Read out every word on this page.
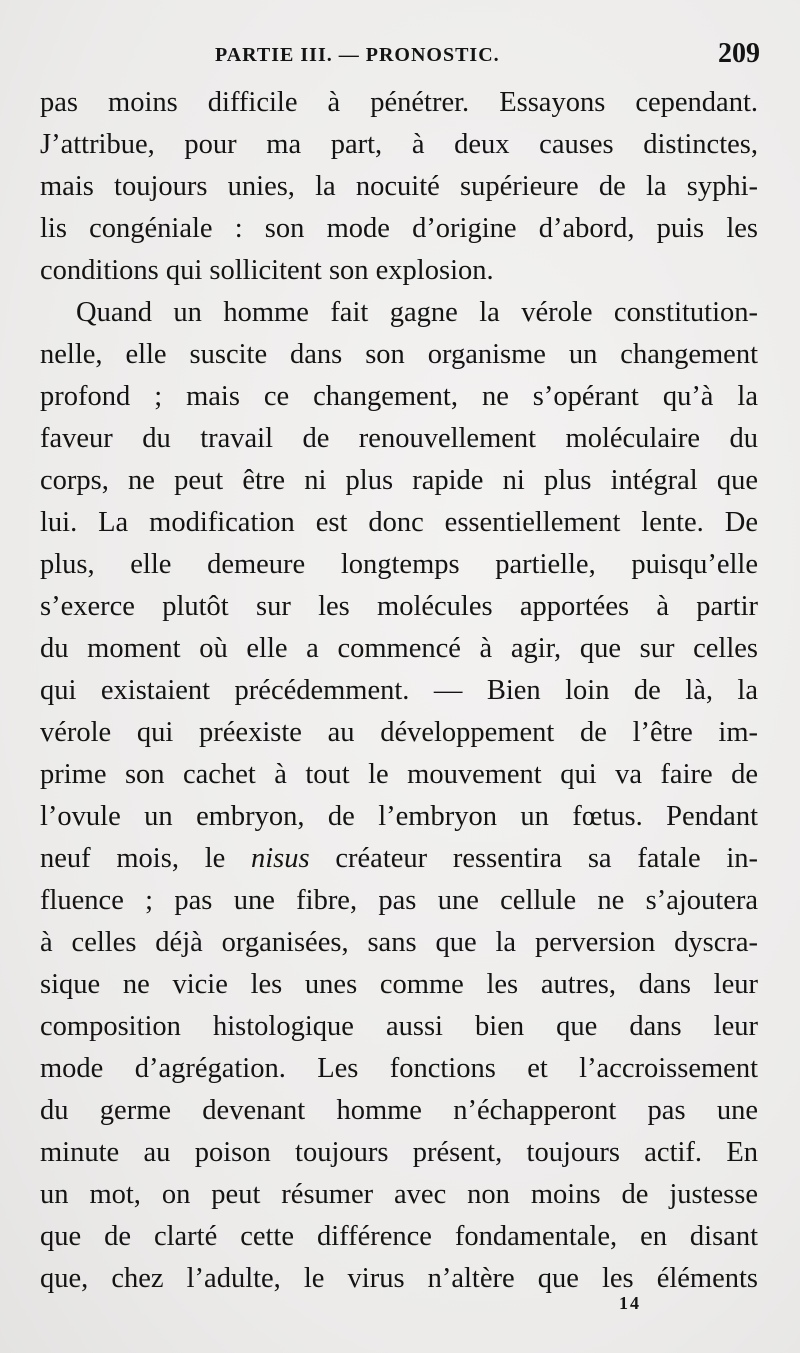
PARTIE III. — PRONOSTIC.	209
pas moins difficile à pénétrer. Essayons cependant.
J’attribue, pour ma part, à deux causes distinctes,
mais toujours unies, la nocuité supérieure de la syphi-
lis congéniale : son mode d’origine d’abord, puis les
conditions qui sollicitent son explosion.
Quand un homme fait gagne la vérole constitution-
nelle, elle suscite dans son organisme un changement
profond ; mais ce changement, ne s’opérant qu’à la
faveur du travail de renouvellement moléculaire du
corps, ne peut être ni plus rapide ni plus intégral que
lui. La modification est donc essentiellement lente. De
plus, elle demeure longtemps partielle, puisqu’elle
s’exerce plutôt sur les molécules apportées à partir
du moment où elle a commencé à agir, que sur celles
qui existaient précédemment. — Bien loin de là, la
vérole qui préexiste au développement de l’être im-
prime son cachet à tout le mouvement qui va faire de
l’ovule un embryon, de l’embryon un fœtus. Pendant
neuf mois, le nisus créateur ressentira sa fatale in-
fluence ; pas une fibre, pas une cellule ne s’ajoutera
à celles déjà organisées, sans que la perversion dyscra-
sique ne vicie les unes comme les autres, dans leur
composition histologique aussi bien que dans leur
mode d’agrégation. Les fonctions et l’accroissement
du germe devenant homme n’échapperont pas une
minute au poison toujours présent, toujours actif. En
un mot, on peut résumer avec non moins de justesse
que de clarté cette différence fondamentale, en disant
que, chez l’adulte, le virus n’altère que les éléments
14
